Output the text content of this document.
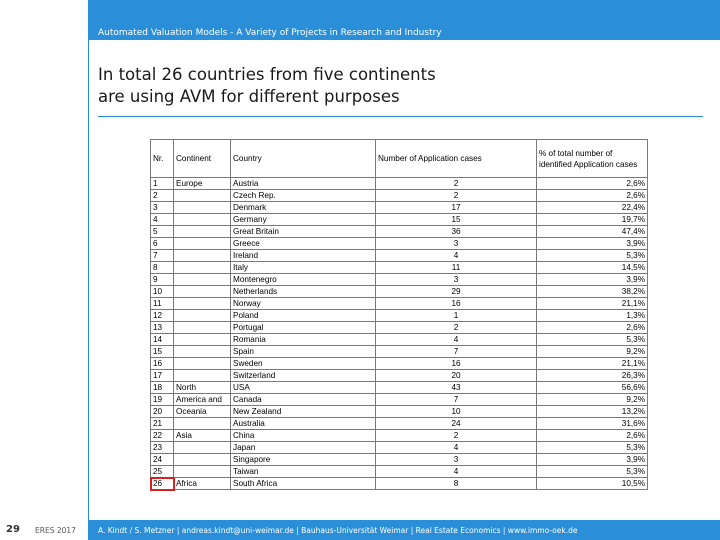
Automated Valuation Models - A Variety of Projects in Research and Industry
In total 26 countries from five continents
are using AVM for different purposes
Nr.	Continent	Country	Number of Application cases	% of total number of identified Application cases
1	Europe	Austria	2	2,6%
2		Czech Rep.	2	2,6%
3		Denmark	17	22,4%
4		Germany	15	19,7%
5		Great Britain	36	47,4%
6		Greece	3	3,9%
7		Ireland	4	5,3%
8		Italy	11	14,5%
9		Montenegro	3	3,9%
10		Netherlands	29	38,2%
11		Norway	16	21,1%
12		Poland	1	1,3%
13		Portugal	2	2,6%
14		Romania	4	5,3%
15		Spain	7	9,2%
16		Sweden	16	21,1%
17		Switzerland	20	26,3%
18	North	USA	43	56,6%
19	America and	Canada	7	9,2%
20	Oceania	New Zealand	10	13,2%
21		Australia	24	31,6%
22	Asia	China	2	2,6%
23		Japan	4	5,3%
24		Singapore	3	3,9%
25		Taiwan	4	5,3%
26	Africa	South Africa	8	10,5%
29 ERES 2017	A. Kindt / S. Metzner | andreas.kindt@uni-weimar.de | Bauhaus-Universität Weimar | Real Estate Economics | www.immo-oek.de
